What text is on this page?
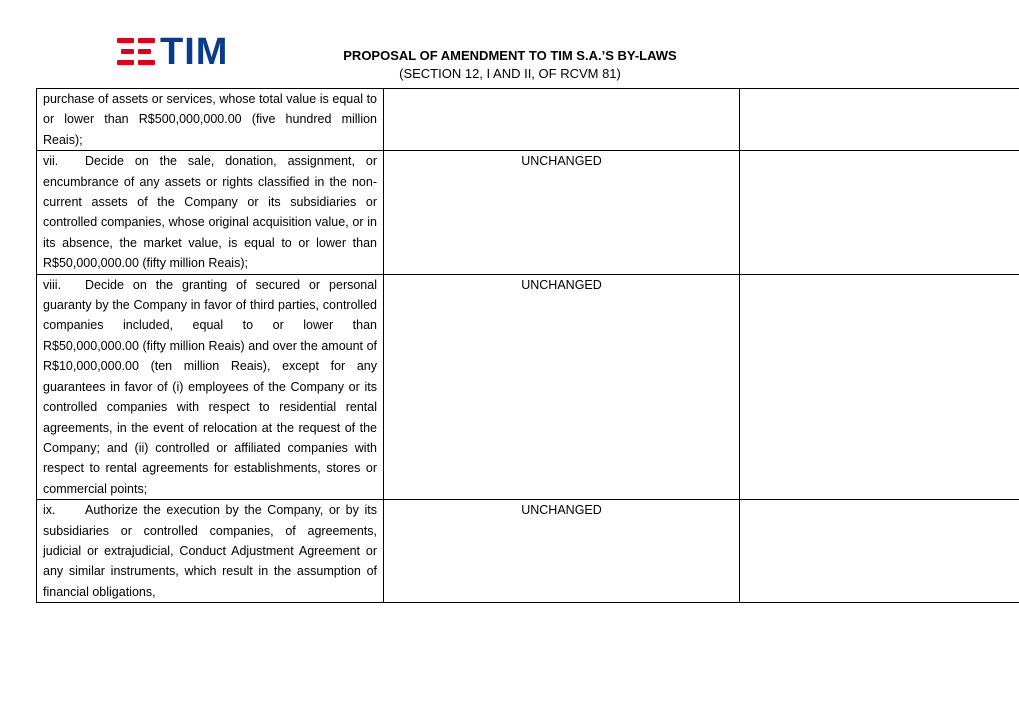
TIM	PROPOSAL OF AMENDMENT TO TIM S.A.’S BY-LAWS
(SECTION 12, I AND II, OF RCVM 81)
purchase of assets or services, whose total value is equal to or lower than R$500,000,000.00 (five hundred million Reais);		
vii. Decide on the sale, donation, assignment, or encumbrance of any assets or rights classified in the non-current assets of the Company or its subsidiaries or controlled companies, whose original acquisition value, or in its absence, the market value, is equal to or lower than R$50,000,000.00 (fifty million Reais);	UNCHANGED	
viii. Decide on the granting of secured or personal guaranty by the Company in favor of third parties, controlled companies included, equal to or lower than R$50,000,000.00 (fifty million Reais) and over the amount of R$10,000,000.00 (ten million Reais), except for any guarantees in favor of (i) employees of the Company or its controlled companies with respect to residential rental agreements, in the event of relocation at the request of the Company; and (ii) controlled or affiliated companies with respect to rental agreements for establishments, stores or commercial points;	UNCHANGED	
ix. Authorize the execution by the Company, or by its subsidiaries or controlled companies, of agreements, judicial or extrajudicial, Conduct Adjustment Agreement or any similar instruments, which result in the assumption of financial obligations,	UNCHANGED	
